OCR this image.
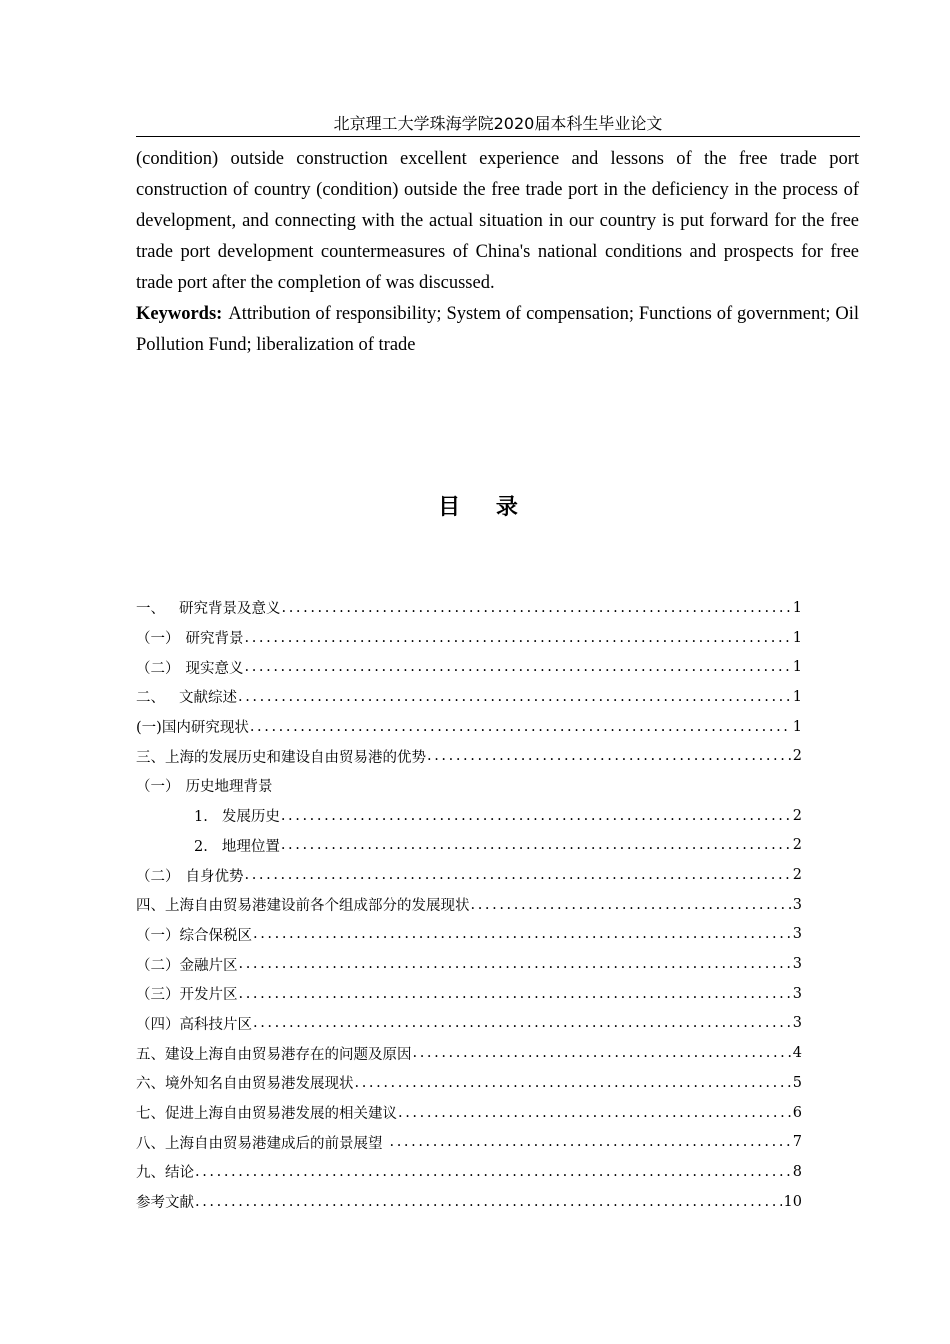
北京理工大学珠海学院2020届本科生毕业论文

(condition) outside construction excellent experience and lessons of the free trade port construction of country (condition) outside the free trade port in the deficiency in the process of development, and connecting with the actual situation in our country is put forward for the free trade port development countermeasures of China's national conditions and prospects for free trade port after the completion of was discussed.

Keywords: Attribution of responsibility; System of compensation; Functions of government; Oil Pollution Fund; liberalization of trade

目 录
一、 研究背景及意义 .....	1
（一） 研究背景 .....	1
（二） 现实意义 .....	1
二、 文献综述 .....	1
(一)国内研究现状 .....	1
三、上海的发展历史和建设自由贸易港的优势 .....	2
（一） 历史地理背景
1. 发展历史 .....	2
2. 地理位置 .....	2
（二） 自身优势 .....	2
四、上海自由贸易港建设前各个组成部分的发展现状 .....	3
（一）综合保税区 .....	3
（二）金融片区 .....	3
（三）开发片区 .....	3
（四）高科技片区 .....	3
五、建设上海自由贸易港存在的问题及原因 .....	4
六、境外知名自由贸易港发展现状 .....	5
七、促进上海自由贸易港发展的相关建议 .....	6
八、上海自由贸易港建成后的前景展望 .....	7
九、结论 .....	8
参考文献 .....	10
